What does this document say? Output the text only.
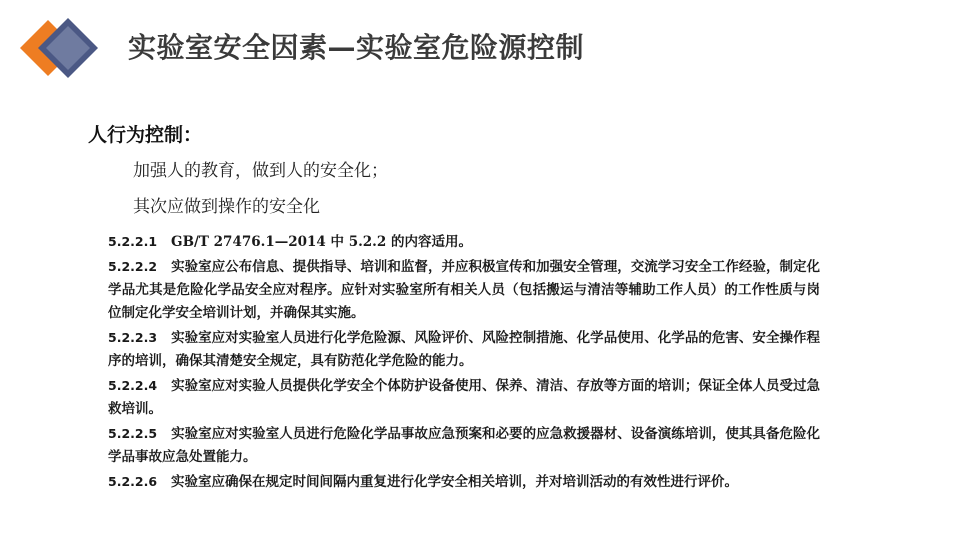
实验室安全因素—实验室危险源控制
人行为控制：
加强人的教育，做到人的安全化；
其次应做到操作的安全化
5.2.2.1 GB/T 27476.1—2014 中 5.2.2 的内容适用。
5.2.2.2 实验室应公布信息、提供指导、培训和监督，并应积极宣传和加强安全管理，交流学习安全工作经验，制定化学品尤其是危险化学品安全应对程序。应针对实验室所有相关人员（包括搬运与清洁等辅助工作人员）的工作性质与岗位制定化学安全培训计划，并确保其实施。
5.2.2.3 实验室应对实验室人员进行化学危险源、风险评价、风险控制措施、化学品使用、化学品的危害、安全操作程序的培训，确保其清楚安全规定，具有防范化学危险的能力。
5.2.2.4 实验室应对实验人员提供化学安全个体防护设备使用、保养、清洁、存放等方面的培训；保证全体人员受过急救培训。
5.2.2.5 实验室应对实验室人员进行危险化学品事故应急预案和必要的应急救援器材、设备演练培训，使其具备危险化学品事故应急处置能力。
5.2.2.6 实验室应确保在规定时间间隔内重复进行化学安全相关培训，并对培训活动的有效性进行评价。
